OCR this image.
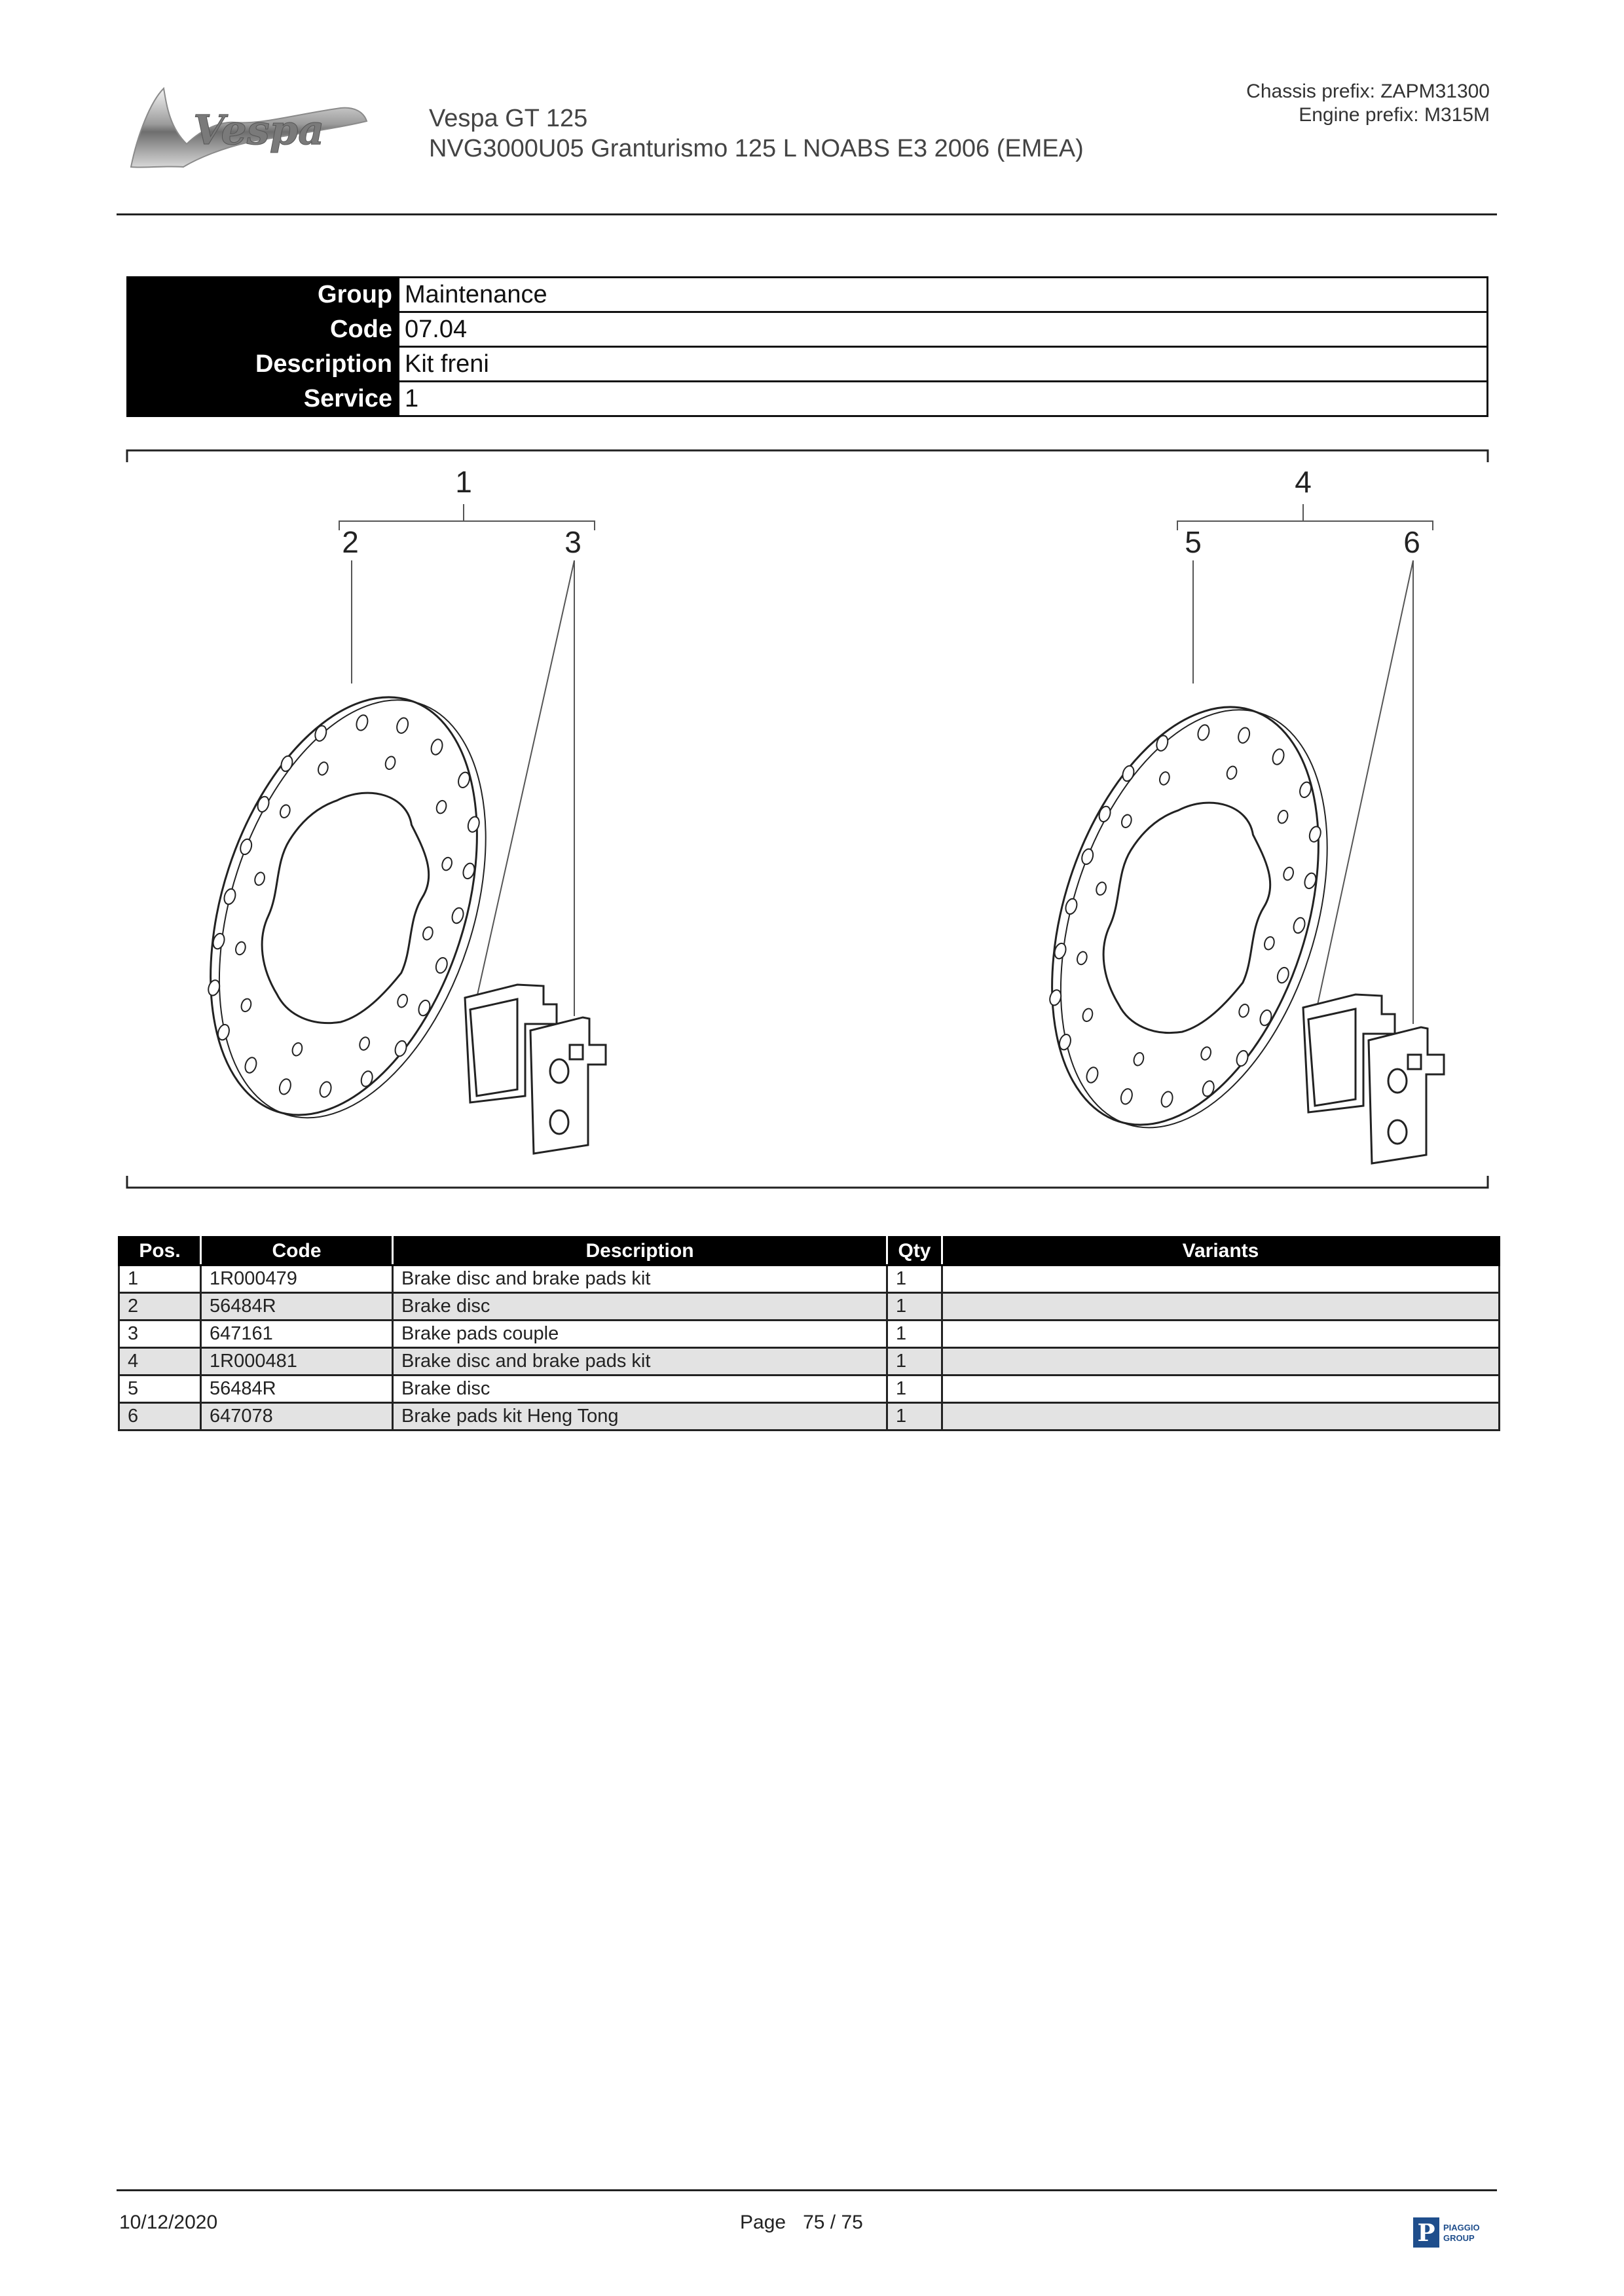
Vespa	Vespa GT 125
NVG3000U05 Granturismo 125 L NOABS E3 2006 (EMEA)
Chassis prefix: ZAPM31300
Engine prefix: M315M
Group	Maintenance
Code	07.04
Description	Kit freni
Service	1
1
2	3
4
5	6
Pos.	Code	Description	Qty	Variants
1	1R000479	Brake disc and brake pads kit	1	
2	56484R	Brake disc	1	
3	647161	Brake pads couple	1	
4	1R000481	Brake disc and brake pads kit	1	
5	56484R	Brake disc	1	
6	647078	Brake pads kit Heng Tong	1	
10/12/2020	Page 75 / 75	P PIAGGIO
GROUP
